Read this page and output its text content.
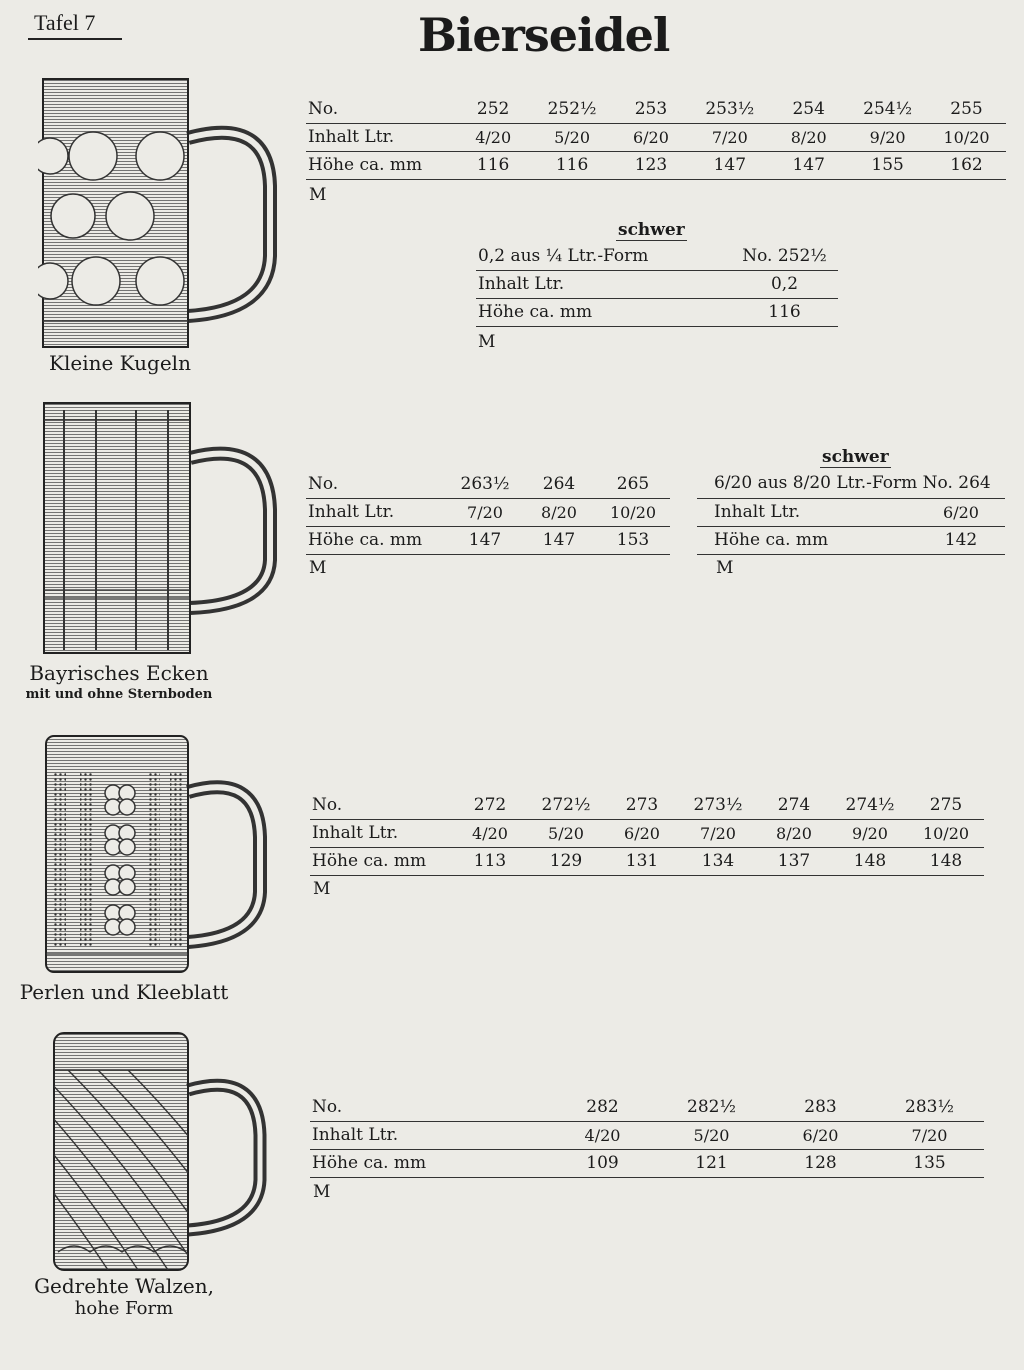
Tafel 7	Bierseidel
Kleine Kugeln
No.	252	252½	253	253½	254	254½	255
Inhalt Ltr.	4/20	5/20	6/20	7/20	8/20	9/20	10/20
Höhe ca. mm	116	116	123	147	147	155	162
M
schwer
0,2 aus ¼ Ltr.-Form	No. 252½
Inhalt Ltr.	0,2
Höhe ca. mm	116
M
Bayrisches Ecken
mit und ohne Sternboden
No.	263½	264	265
Inhalt Ltr.	7/20	8/20	10/20
Höhe ca. mm	147	147	153
M
schwer
6/20 aus 8/20 Ltr.-Form No. 264

Inhalt Ltr.	6/20
Höhe ca. mm	142
M
Perlen und Kleeblatt
No.	272	272½	273	273½	274	274½	275
Inhalt Ltr.	4/20	5/20	6/20	7/20	8/20	9/20	10/20
Höhe ca. mm	113	129	131	134	137	148	148
M
Gedrehte Walzen,
hohe Form
No.	282	282½	283	283½
Inhalt Ltr.	4/20	5/20	6/20	7/20
Höhe ca. mm	109	121	128	135
M
